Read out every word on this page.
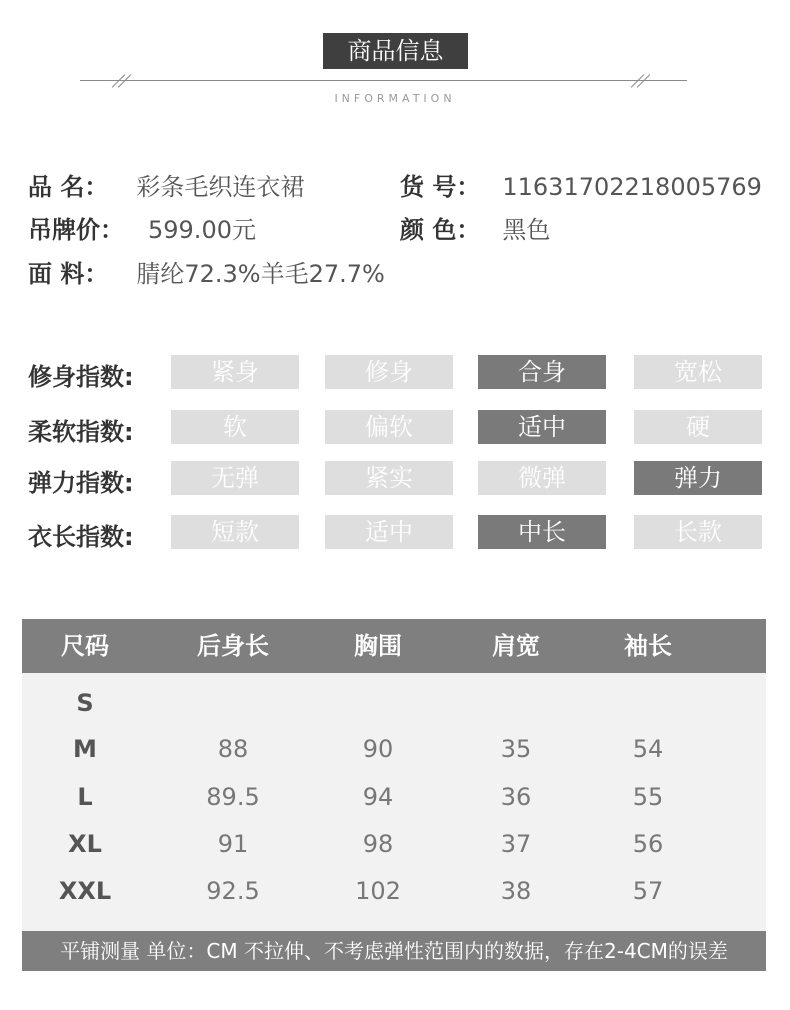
商品信息
INFORMATION
品 名： 彩条毛织连衣裙	货 号： 11631702218005769
吊牌价： 599.00元	颜 色： 黑色
面 料： 腈纶72.3%羊毛27.7%
修身指数:	紧身	修身	合身	宽松
柔软指数:	软	偏软	适中	硬
弹力指数:	无弹	紧实	微弹	弹力
衣长指数:	短款	适中	中长	长款
尺码	后身长	胸围	肩宽	袖长
S
M	88	90	35	54
L	89.5	94	36	55
XL	91	98	37	56
XXL	92.5	102	38	57
平铺测量 单位：CM 不拉伸、不考虑弹性范围内的数据，存在2-4CM的误差
